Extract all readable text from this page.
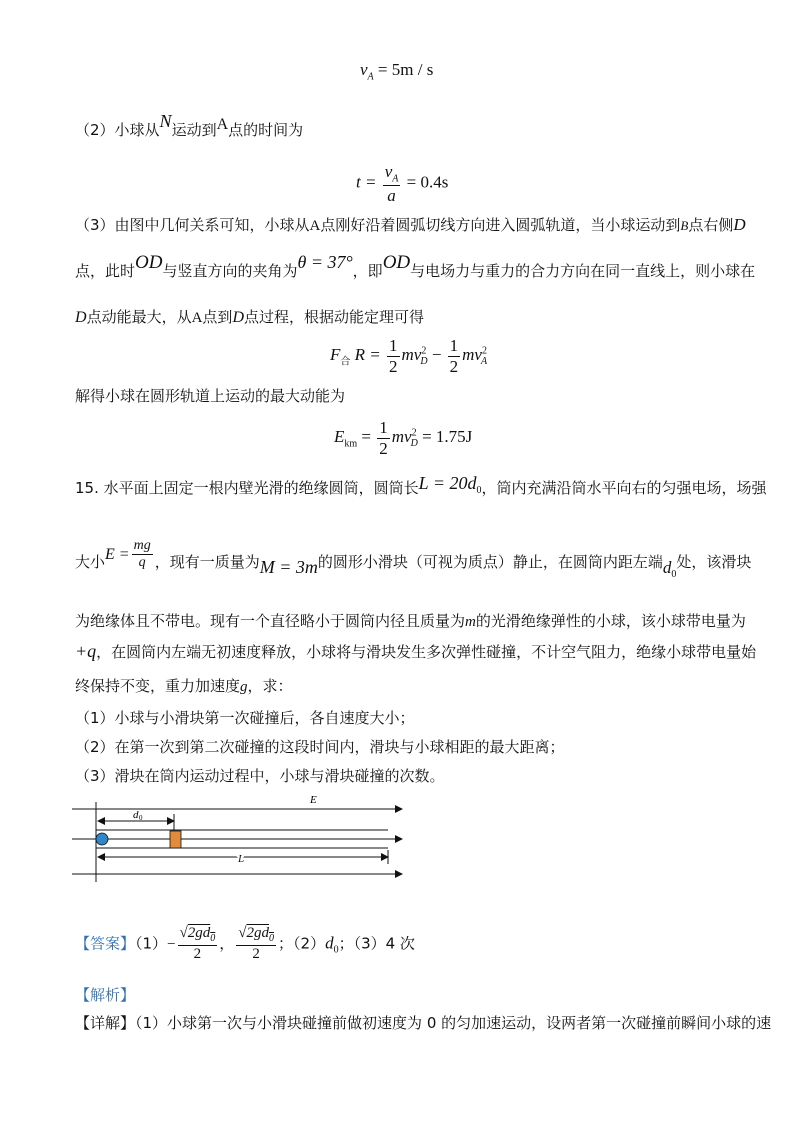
$v_A = 5m / s$
（2）小球从N运动到A点的时间为
$t = \frac{v_A}{a} = 0.4s$
（3）由图中几何关系可知，小球从A点刚好沿着圆弧切线方向进入圆弧轨道，当小球运动到B点右侧D
点，此时OD与竖直方向的夹角为θ = 37°，即OD与电场力与重力的合力方向在同一直线上，则小球在
D点动能最大，从A点到D点过程，根据动能定理可得
$F_合$ $R = \frac{1}{2} mv^2_D - \frac{1}{2} mv^2_A$
解得小球在圆形轨道上运动的最大动能为
$E_{km} = \frac{1}{2} mv^2_D = 1.75J$
15. 水平面上固定一根内壁光滑的绝缘圆筒，圆筒长$L = 20d_0$，筒内充满沿筒水平向右的匀强电场，场强
大小$E = \frac{mg}{q}$ ，现有一质量为M = 3m的圆形小滑块（可视为质点）静止，在圆筒内距左端$d_0$处，该滑块
为绝缘体且不带电。现有一个直径略小于圆筒内径且质量为m的光滑绝缘弹性的小球，该小球带电量为
+q，在圆筒内左端无初速度释放，小球将与滑块发生多次弹性碰撞，不计空气阻力，绝缘小球带电量始
终保持不变，重力加速度g，求：
（1）小球与小滑块第一次碰撞后，各自速度大小；
（2）在第一次到第二次碰撞的这段时间内，滑块与小球相距的最大距离；
（3）滑块在筒内运动过程中，小球与滑块碰撞的次数。
d 0
L
E
【答案】$(1)- \frac{√2gd_0}{2}$ ， $\frac{√2gd_0}{2}$ ；$(2)d_0$；（3）4 次
【解析】
【详解】（1）小球第一次与小滑块碰撞前做初速度为 0 的匀加速运动，设两者第一次碰撞前瞬间小球的速
